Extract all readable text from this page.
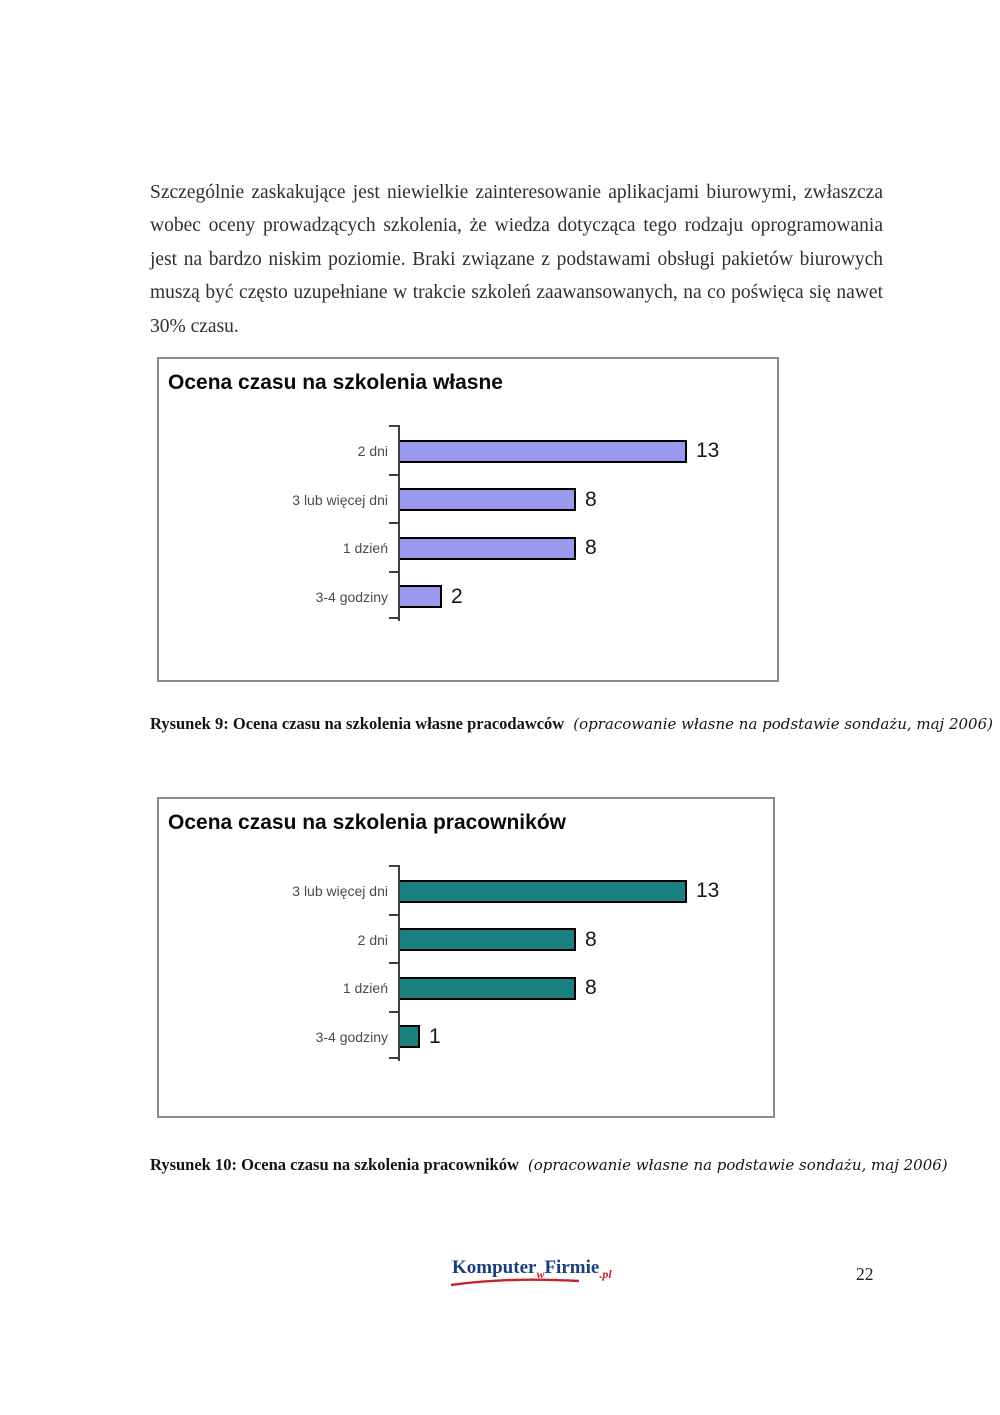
Szczególnie zaskakujące jest niewielkie zainteresowanie aplikacjami biurowymi, zwłaszcza wobec oceny prowadzących szkolenia, że wiedza dotycząca tego rodzaju oprogramowania jest na bardzo niskim poziomie. Braki związane z podstawami obsługi pakietów biurowych muszą być często uzupełniane w trakcie szkoleń zaawansowanych, na co poświęca się nawet 30% czasu.

Ocena czasu na szkolenia własne
2 dni	13
3 lub więcej dni	8
1 dzień	8
3-4 godziny	2
Rysunek 9: Ocena czasu na szkolenia własne pracodawców (opracowanie własne na podstawie sondażu, maj 2006)
Ocena czasu na szkolenia pracowników
3 lub więcej dni	13
2 dni	8
1 dzień	8
3-4 godziny	1
Rysunek 10: Ocena czasu na szkolenia pracowników (opracowanie własne na podstawie sondażu, maj 2006)
Komputer$_w$Firmie$_{.pl}$	22
